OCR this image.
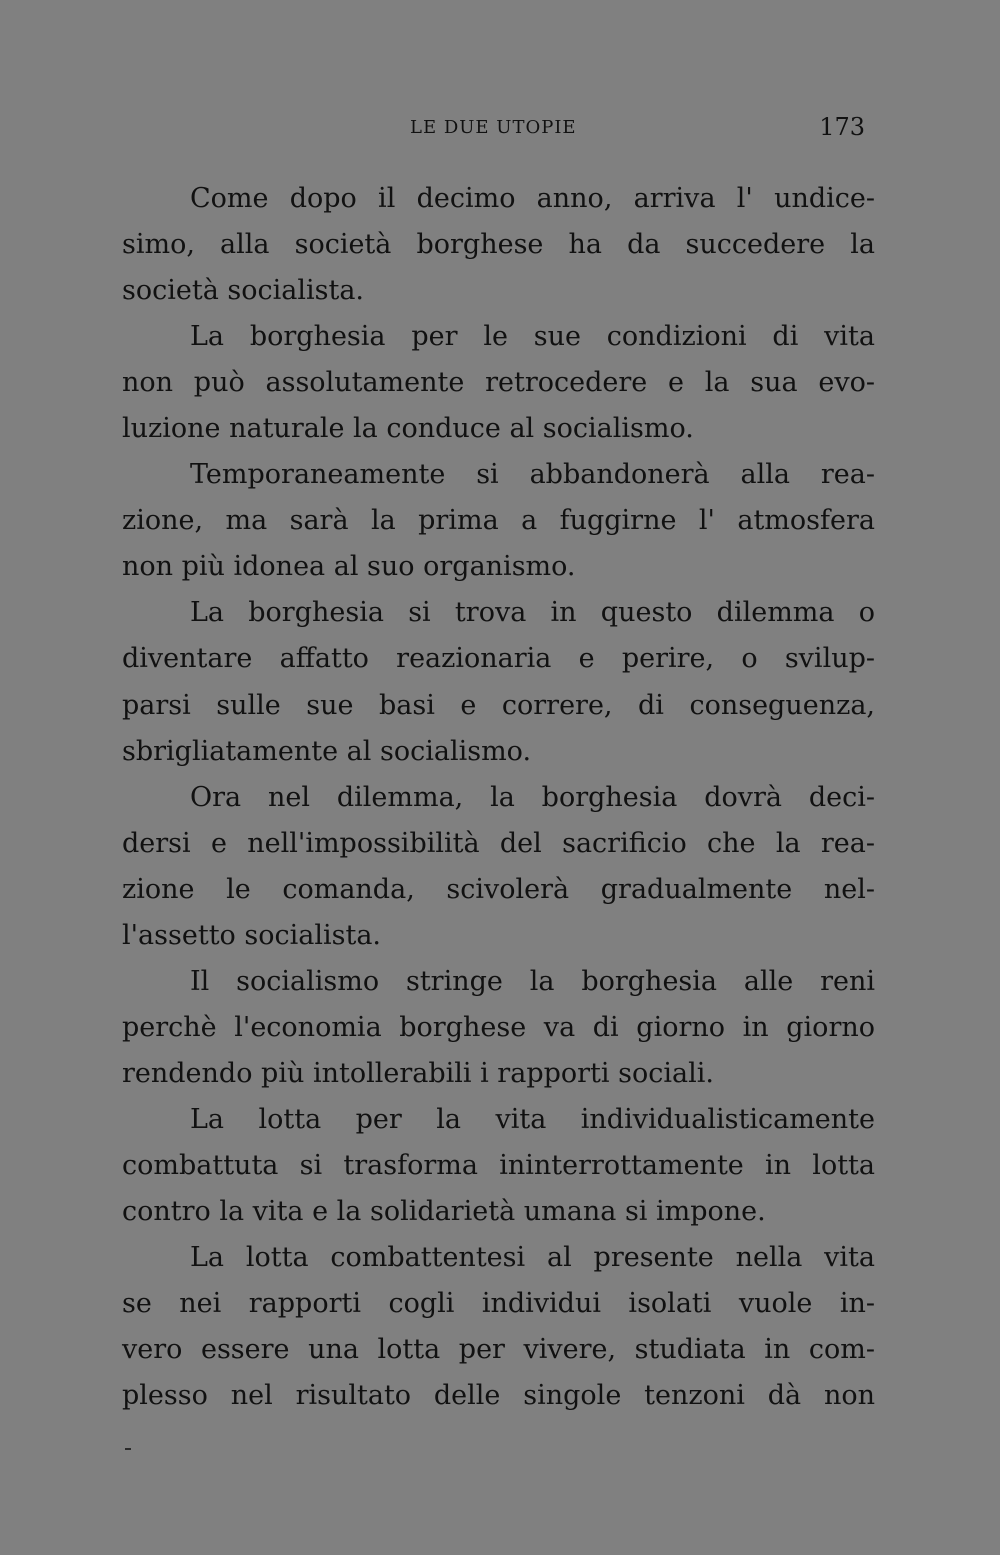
LE DUE UTOPIE	173
Come dopo il decimo anno, arriva l' undice-
simo, alla società borghese ha da succedere la
società socialista.
La borghesia per le sue condizioni di vita
non può assolutamente retrocedere e la sua evo-
luzione naturale la conduce al socialismo.
Temporaneamente si abbandonerà alla rea-
zione, ma sarà la prima a fuggirne l' atmosfera
non più idonea al suo organismo.
La borghesia si trova in questo dilemma o
diventare affatto reazionaria e perire, o svilup-
parsi sulle sue basi e correre, di conseguenza,
sbrigliatamente al socialismo.
Ora nel dilemma, la borghesia dovrà deci-
dersi e nell'impossibilità del sacrificio che la rea-
zione le comanda, scivolerà gradualmente nel-
l'assetto socialista.
Il socialismo stringe la borghesia alle reni
perchè l'economia borghese va di giorno in giorno
rendendo più intollerabili i rapporti sociali.
La lotta per la vita individualisticamente
combattuta si trasforma ininterrottamente in lotta
contro la vita e la solidarietà umana si impone.
La lotta combattentesi al presente nella vita
se nei rapporti cogli individui isolati vuole in-
vero essere una lotta per vivere, studiata in com-
plesso nel risultato delle singole tenzoni dà non
